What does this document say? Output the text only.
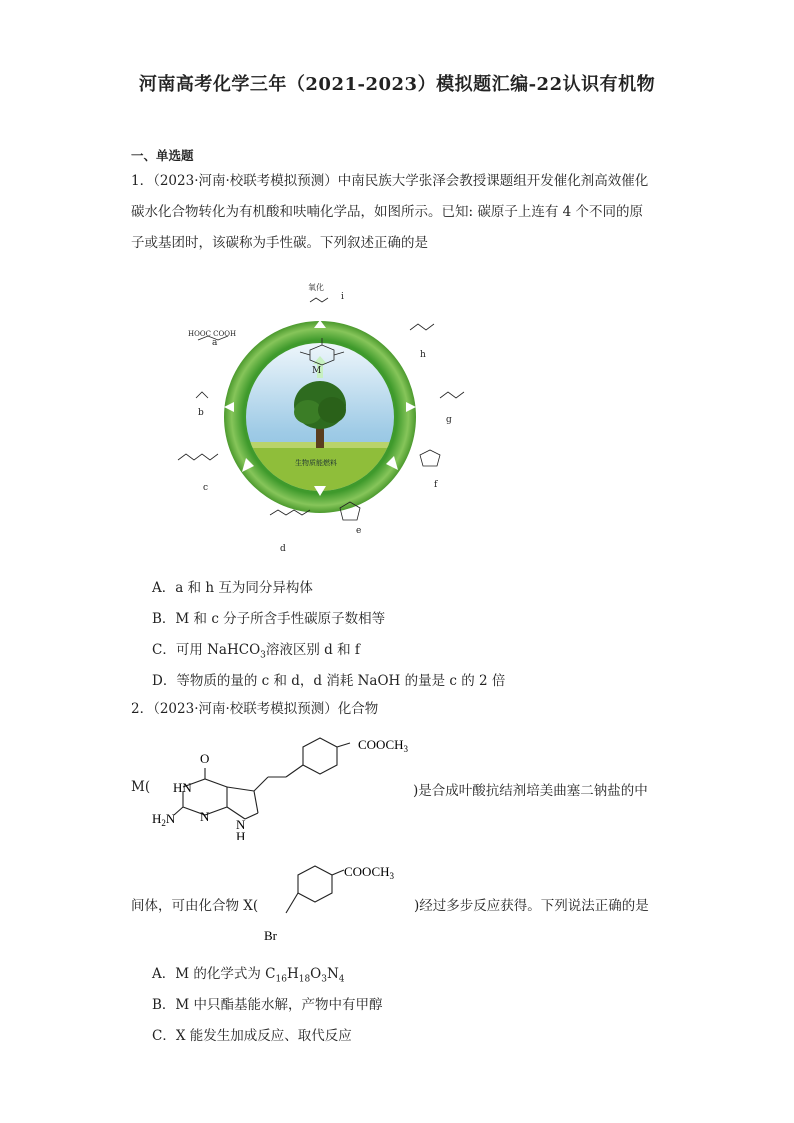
河南高考化学三年（2021-2023）模拟题汇编-22认识有机物
一、单选题
1．（2023·河南·校联考模拟预测）中南民族大学张泽会教授课题组开发催化剂高效催化
碳水化合物转化为有机酸和呋喃化学品，如图所示。已知: 碳原子上连有 4 个不同的原
子或基团时，该碳称为手性碳。下列叙述正确的是
氧化
M
生物质能燃料
HOOC COOH
a
b
c
d
e
f
g
h
i
A．a 和 h 互为同分异构体
B．M 和 c 分子所含手性碳原子数相等
C．可用 NaHCO$_3$溶液区别 d 和 f
D．等物质的量的 c 和 d，d 消耗 NaOH 的量是 c 的 2 倍
2．（2023·河南·校联考模拟预测）化合物
M(
$COOCH_3$
O
HN
N
N
H
$H_2N$
)是合成叶酸抗结剂培美曲塞二钠盐的中
间体，可由化合物 X(
$COOCH_3$
Br
)经过多步反应获得。下列说法正确的是
A．M 的化学式为 $C_{16}H_{18}O_3N_4$
B．M 中只酯基能水解，产物中有甲醇
C．X 能发生加成反应、取代反应
